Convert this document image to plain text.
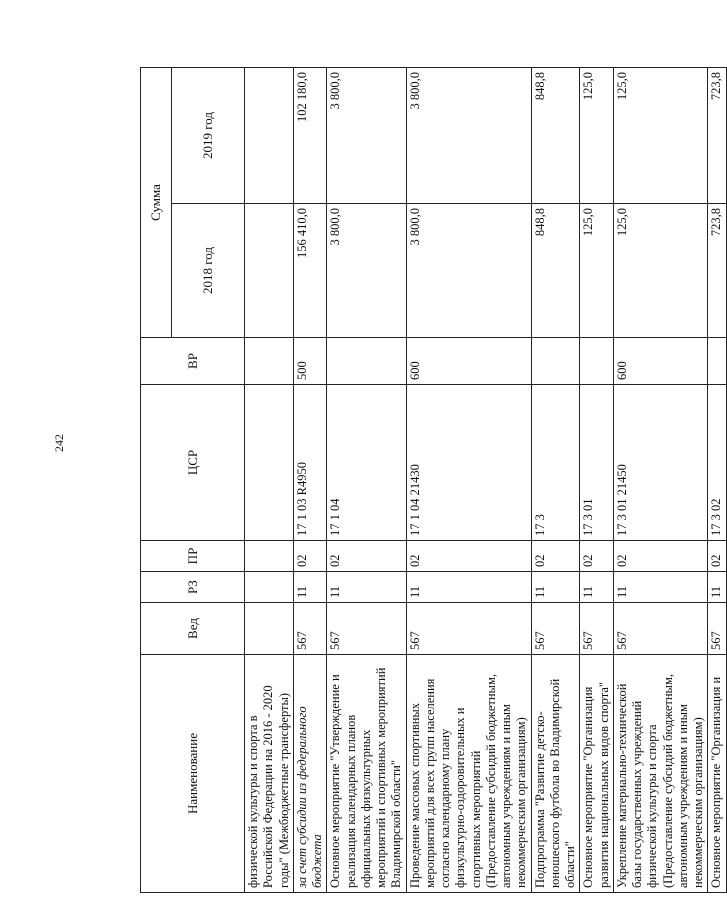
242
Наименование	Вед	РЗ	ПР	ЦСР	ВР	Сумма	
						2018 год	2019 год
физической культуры и спорта в Российской Федерации на 2016 - 2020 годы" (Межбюджетные трансферты)							
за счет субсидии из федерального бюджета	567	11	02	17 1 03 R4950	500	156 410,0	102 180,0
Основное мероприятие "Утверждение и реализация календарных планов официальных физкультурных мероприятий и спортивных мероприятий Владимирской области"	567	11	02	17 1 04		3 800,0	3 800,0
Проведение массовых спортивных мероприятий для всех групп населения согласно календарному плану физкультурно-оздоровительных и спортивных мероприятий (Предоставление субсидий бюджетным, автономным учреждениям и иным некоммерческим организациям)	567	11	02	17 1 04 21430	600	3 800,0	3 800,0
Подпрограмма "Развитие детско-юношеского футбола во Владимирской области"	567	11	02	17 3		848,8	848,8
Основное мероприятие "Организация развития национальных видов спорта"	567	11	02	17 3 01		125,0	125,0
Укрепление материально-технической базы государственных учреждений физической культуры и спорта (Предоставление субсидий бюджетным, автономным учреждениям и иным некоммерческим организациям)	567	11	02	17 3 01 21450	600	125,0	125,0
Основное мероприятие "Организация и	567	11	02	17 3 02		723,8	723,8
